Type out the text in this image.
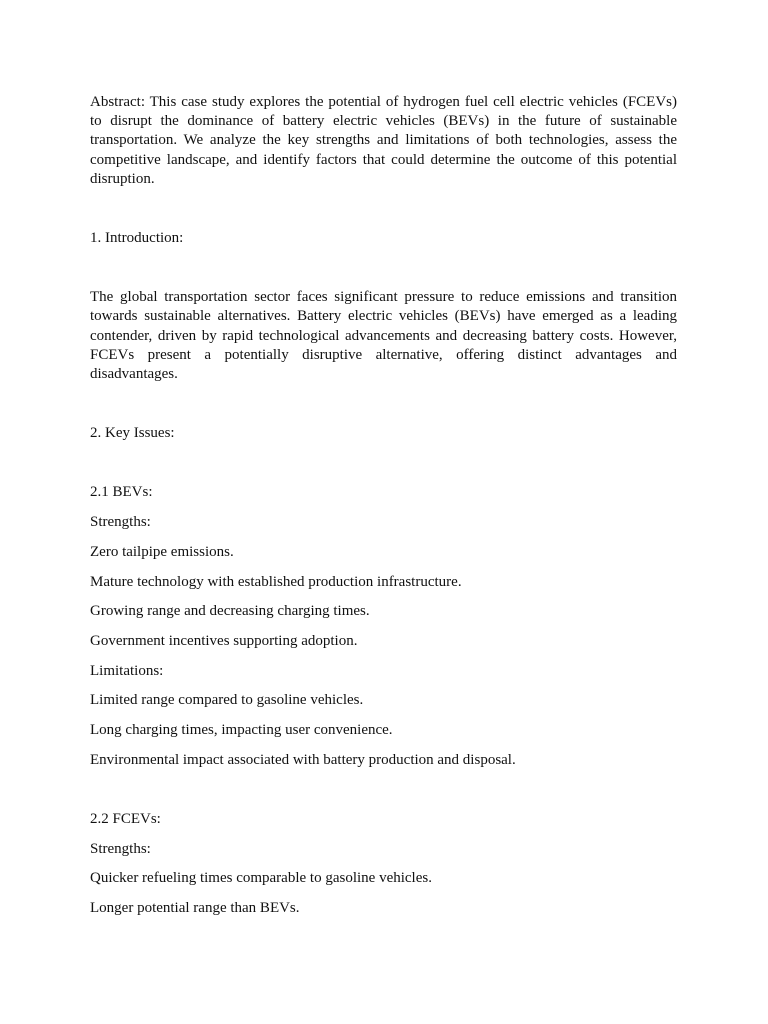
Abstract: This case study explores the potential of hydrogen fuel cell electric vehicles (FCEVs) to disrupt the dominance of battery electric vehicles (BEVs) in the future of sustainable transportation. We analyze the key strengths and limitations of both technologies, assess the competitive landscape, and identify factors that could determine the outcome of this potential disruption.

1. Introduction:

The global transportation sector faces significant pressure to reduce emissions and transition towards sustainable alternatives. Battery electric vehicles (BEVs) have emerged as a leading contender, driven by rapid technological advancements and decreasing battery costs. However, FCEVs present a potentially disruptive alternative, offering distinct advantages and disadvantages.

2. Key Issues:

2.1 BEVs:

Strengths:

Zero tailpipe emissions.

Mature technology with established production infrastructure.

Growing range and decreasing charging times.

Government incentives supporting adoption.

Limitations:

Limited range compared to gasoline vehicles.

Long charging times, impacting user convenience.

Environmental impact associated with battery production and disposal.

2.2 FCEVs:

Strengths:

Quicker refueling times comparable to gasoline vehicles.

Longer potential range than BEVs.
